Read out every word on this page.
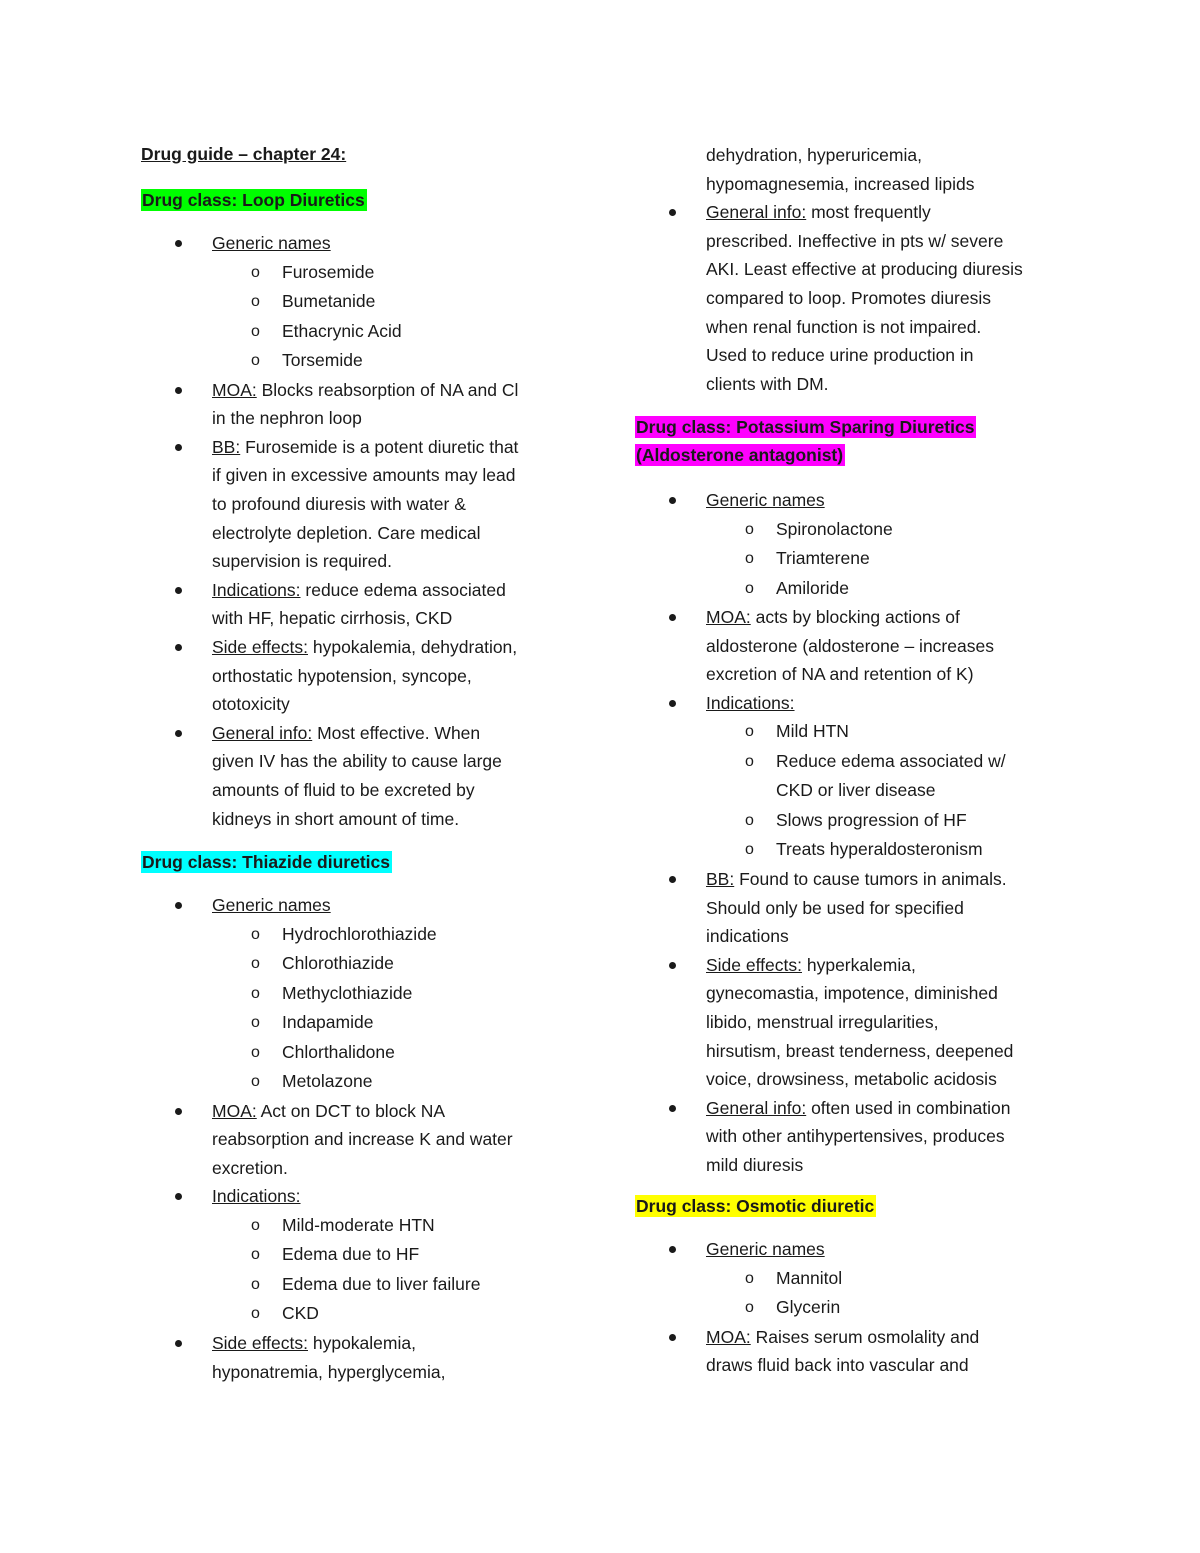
Drug guide – chapter 24:
Drug class: Loop Diuretics
Generic names
o Furosemide
o Bumetanide
o Ethacrynic Acid
o Torsemide
MOA: Blocks reabsorption of NA and Cl
in the nephron loop
BB: Furosemide is a potent diuretic that
if given in excessive amounts may lead
to profound diuresis with water &
electrolyte depletion. Care medical
supervision is required.
Indications: reduce edema associated
with HF, hepatic cirrhosis, CKD
Side effects: hypokalemia, dehydration,
orthostatic hypotension, syncope,
ototoxicity
General info: Most effective. When
given IV has the ability to cause large
amounts of fluid to be excreted by
kidneys in short amount of time.
Drug class: Thiazide diuretics
Generic names
o Hydrochlorothiazide
o Chlorothiazide
o Methyclothiazide
o Indapamide
o Chlorthalidone
o Metolazone
MOA: Act on DCT to block NA
reabsorption and increase K and water
excretion.
Indications:
o Mild-moderate HTN
o Edema due to HF
o Edema due to liver failure
o CKD
Side effects: hypokalemia,
hyponatremia, hyperglycemia,
dehydration, hyperuricemia,
hypomagnesemia, increased lipids
General info: most frequently
prescribed. Ineffective in pts w/ severe
AKI. Least effective at producing diuresis
compared to loop. Promotes diuresis
when renal function is not impaired.
Used to reduce urine production in
clients with DM.
Drug class: Potassium Sparing Diuretics
(Aldosterone antagonist)
Generic names
o Spironolactone
o Triamterene
o Amiloride
MOA: acts by blocking actions of
aldosterone (aldosterone – increases
excretion of NA and retention of K)
Indications:
o Mild HTN
o Reduce edema associated w/
CKD or liver disease
o Slows progression of HF
o Treats hyperaldosteronism
BB: Found to cause tumors in animals.
Should only be used for specified
indications
Side effects: hyperkalemia,
gynecomastia, impotence, diminished
libido, menstrual irregularities,
hirsutism, breast tenderness, deepened
voice, drowsiness, metabolic acidosis
General info: often used in combination
with other antihypertensives, produces
mild diuresis
Drug class: Osmotic diuretic
Generic names
o Mannitol
o Glycerin
MOA: Raises serum osmolality and
draws fluid back into vascular and
